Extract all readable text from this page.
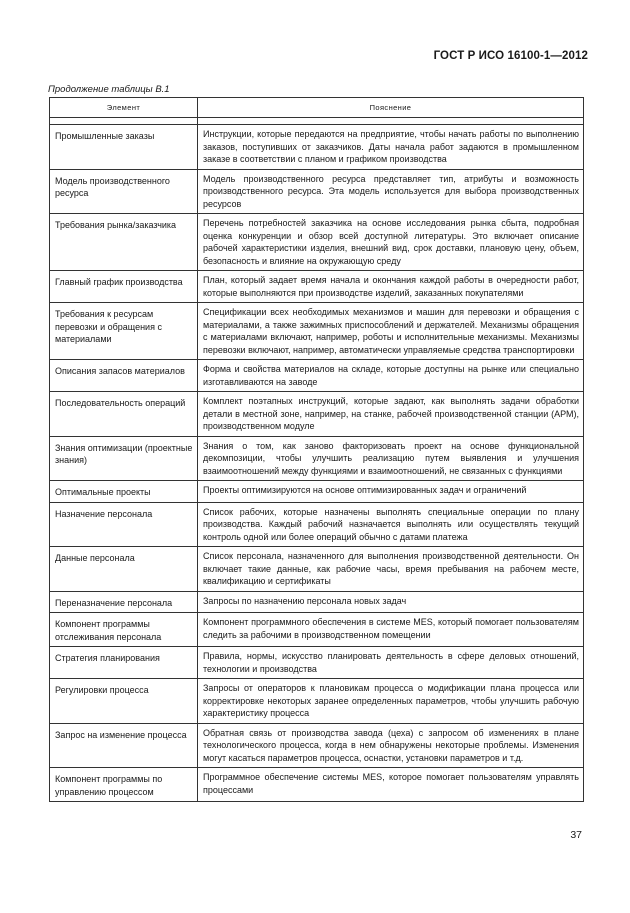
ГОСТ Р ИСО 16100-1—2012
Продолжение таблицы В.1
Элемент	Пояснение

Промышленные заказы	Инструкции, которые передаются на предприятие, чтобы начать работы по выполнению заказов, поступивших от заказчиков. Даты начала работ задаются в промышленном заказе в соответствии с планом и графиком производства
Модель производственного ресурса	Модель производственного ресурса представляет тип, атрибуты и возможность производственного ресурса. Эта модель используется для выбора производственных ресурсов
Требования рынка/заказчика	Перечень потребностей заказчика на основе исследования рынка сбыта, подробная оценка конкуренции и обзор всей доступной литературы. Это включает описание рабочей характеристики изделия, внешний вид, срок доставки, плановую цену, объем, безопасность и влияние на окружающую среду
Главный график производства	План, который задает время начала и окончания каждой работы в очередности работ, которые выполняются при производстве изделий, заказанных покупателями
Требования к ресурсам перевозки и обращения с материалами	Спецификации всех необходимых механизмов и машин для перевозки и обращения с материалами, а также зажимных приспособлений и держателей. Механизмы обращения с материалами включают, например, роботы и исполнительные механизмы. Механизмы перевозки включают, например, автоматически управляемые средства транспортировки
Описания запасов материалов	Форма и свойства материалов на складе, которые доступны на рынке или специально изготавливаются на заводе
Последовательность операций	Комплект поэтапных инструкций, которые задают, как выполнять задачи обработки детали в местной зоне, например, на станке, рабочей производственной станции (АРМ), производственном модуле
Знания оптимизации (проектные знания)	Знания о том, как заново факторизовать проект на основе функциональной декомпозиции, чтобы улучшить реализацию путем выявления и улучшения взаимоотношений между функциями и взаимоотношений, не связанных с функциями
Оптимальные проекты	Проекты оптимизируются на основе оптимизированных задач и ограничений
Назначение персонала	Список рабочих, которые назначены выполнять специальные операции по плану производства. Каждый рабочий назначается выполнять или осуществлять текущий контроль одной или более операций обычно с датами платежа
Данные персонала	Список персонала, назначенного для выполнения производственной деятельности. Он включает такие данные, как рабочие часы, время пребывания на рабочем месте, квалификацию и сертификаты
Переназначение персонала	Запросы по назначению персонала новых задач
Компонент программы отслеживания персонала	Компонент программного обеспечения в системе MES, который помогает пользователям следить за рабочими в производственном помещении
Стратегия планирования	Правила, нормы, искусство планировать деятельность в сфере деловых отношений, технологии и производства
Регулировки процесса	Запросы от операторов к плановикам процесса о модификации плана процесса или корректировке некоторых заранее определенных параметров, чтобы улучшить рабочую характеристику процесса
Запрос на изменение процесса	Обратная связь от производства завода (цеха) с запросом об изменениях в плане технологического процесса, когда в нем обнаружены некоторые проблемы. Изменения могут касаться параметров процесса, оснастки, установки параметров и т.д.
Компонент программы по управлению процессом	Программное обеспечение системы MES, которое помогает пользователям управлять процессами
37
